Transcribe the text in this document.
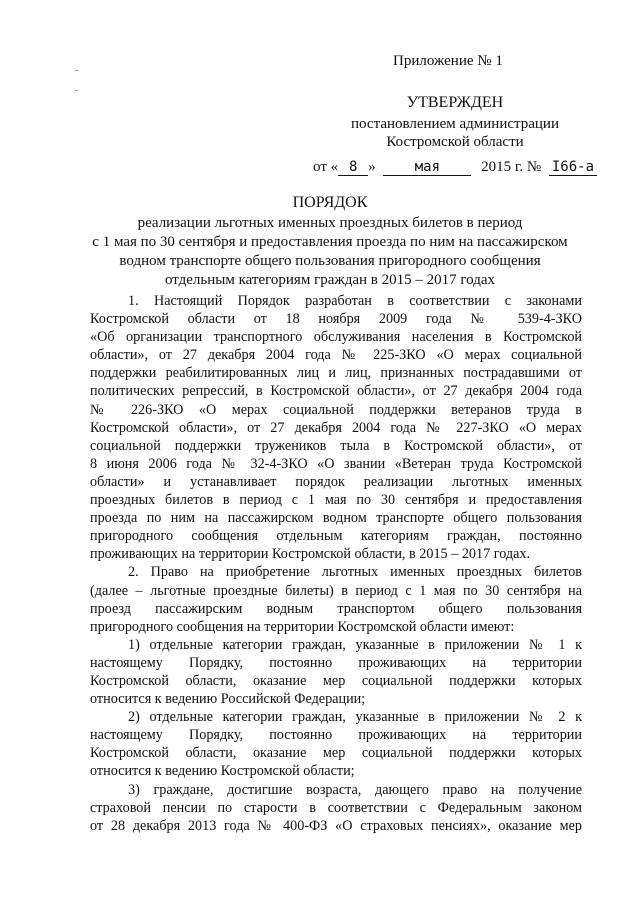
Приложение № 1
УТВЕРЖДЕН
постановлением администрации
Костромской области
от « 8 »	мая	2015 г. № I66-а
ПОРЯДОК
реализации льготных именных проездных билетов в период
с 1 мая по 30 сентября и предоставления проезда по ним на пассажирском
водном транспорте общего пользования пригородного сообщения
отдельным категориям граждан в 2015 – 2017 годах

1. Настоящий Порядок разработан в соответствии с законами

Костромской области от 18 ноября 2009 года № 539-4-ЗКО

«Об организации транспортного обслуживания населения в Костромской

области», от 27 декабря 2004 года № 225-ЗКО «О мерах социальной

поддержки реабилитированных лиц и лиц, признанных пострадавшими от

политических репрессий, в Костромской области», от 27 декабря 2004 года

№ 226-ЗКО «О мерах социальной поддержки ветеранов труда в

Костромской области», от 27 декабря 2004 года № 227-ЗКО «О мерах

социальной поддержки тружеников тыла в Костромской области», от

8 июня 2006 года № 32-4-ЗКО «О звании «Ветеран труда Костромской

области» и устанавливает порядок реализации льготных именных

проездных билетов в период с 1 мая по 30 сентября и предоставления

проезда по ним на пассажирском водном транспорте общего пользования

пригородного сообщения отдельным категориям граждан, постоянно

проживающих на территории Костромской области, в 2015 – 2017 годах.

2. Право на приобретение льготных именных проездных билетов

(далее – льготные проездные билеты) в период с 1 мая по 30 сентября на

проезд пассажирским водным транспортом общего пользования

пригородного сообщения на территории Костромской области имеют:

1) отдельные категории граждан, указанные в приложении № 1 к

настоящему Порядку, постоянно проживающих на территории

Костромской области, оказание мер социальной поддержки которых

относится к ведению Российской Федерации;

2) отдельные категории граждан, указанные в приложении № 2 к

настоящему Порядку, постоянно проживающих на территории

Костромской области, оказание мер социальной поддержки которых

относится к ведению Костромской области;

3) граждане, достигшие возраста, дающего право на получение

страховой пенсии по старости в соответствии с Федеральным законом

от 28 декабря 2013 года № 400-ФЗ «О страховых пенсиях», оказание мер
